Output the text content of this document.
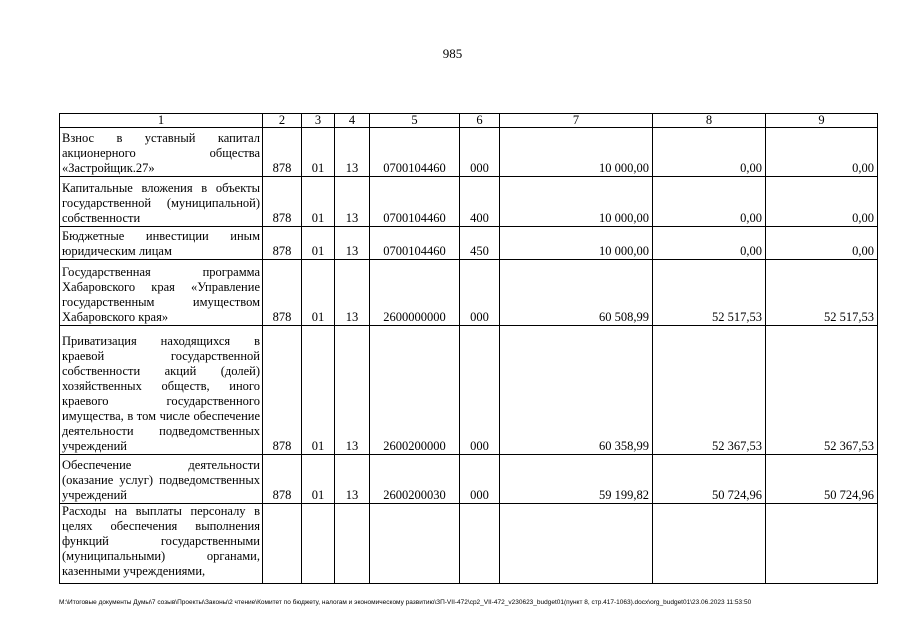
985
1	2	3	4	5	6	7	8	9
Взнос в уставный капитал акционерного общества «Застройщик.27»	878	01	13	0700104460	000	10 000,00	0,00	0,00
Капитальные вложения в объекты государственной (муниципальной) собственности	878	01	13	0700104460	400	10 000,00	0,00	0,00
Бюджетные инвестиции иным юридическим лицам	878	01	13	0700104460	450	10 000,00	0,00	0,00
Государственная программа Хабаровского края «Управление государственным имуществом Хабаровского края»	878	01	13	2600000000	000	60 508,99	52 517,53	52 517,53
Приватизация находящихся в краевой государственной собственности акций (долей) хозяйственных обществ, иного краевого государственного имущества, в том числе обеспечение деятельности подведомственных учреждений	878	01	13	2600200000	000	60 358,99	52 367,53	52 367,53
Обеспечение деятельности (оказание услуг) подведомственных учреждений	878	01	13	2600200030	000	59 199,82	50 724,96	50 724,96
Расходы на выплаты персоналу в целях обеспечения выполнения функций государственными (муниципальными) органами, казенными учреждениями,								
M:\Итоговые документы Думы\7 созыв\Проекты\Законы\2 чтение\Комитет по бюджету, налогам и экономическому развитию\ЗП-VII-472\ср2_VII-472_v230623_budget01(пункт 8, стр.417-1063).docx\org_budget01\23.06.2023 11:53:50
